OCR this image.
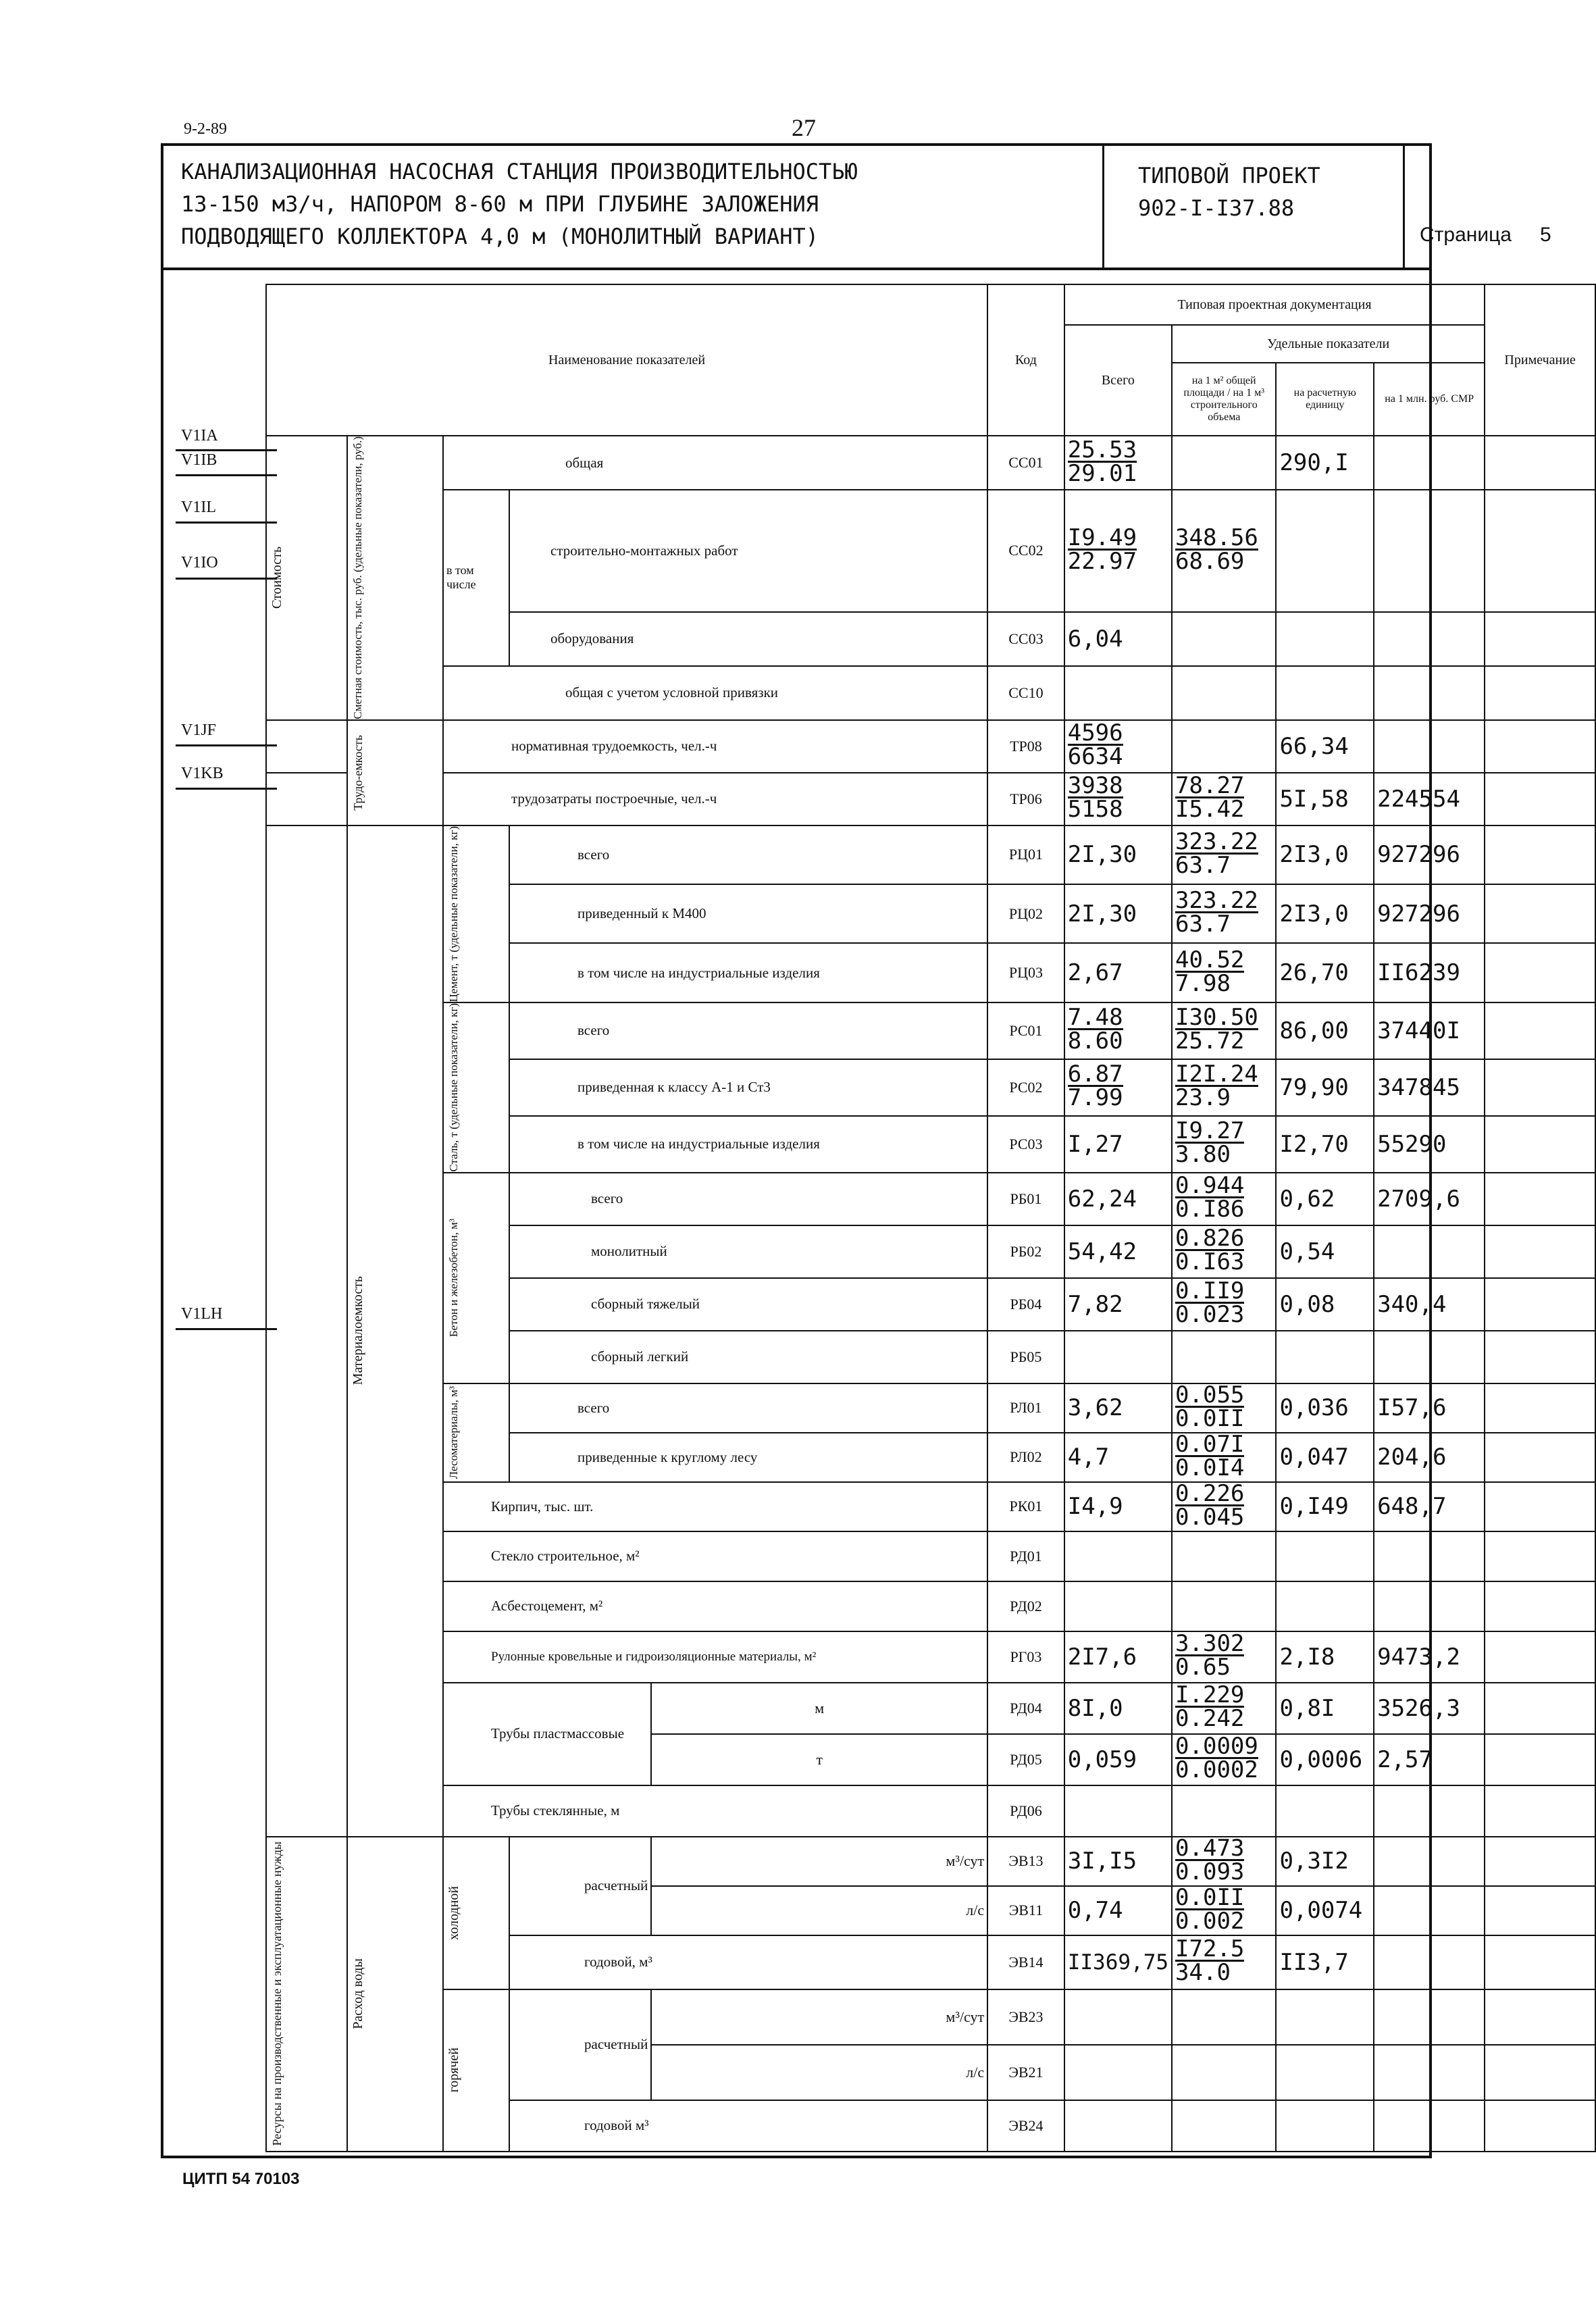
9-2-89	27
КАНАЛИЗАЦИОННАЯ НАСОСНАЯ СТАНЦИЯ ПРОИЗВОДИТЕЛЬНОСТЬЮ
13-150 м3/ч, НАПОРОМ 8-60 м ПРИ ГЛУБИНЕ ЗАЛОЖЕНИЯ
ПОДВОДЯЩЕГО КОЛЛЕКТОРА 4,0 м (МОНОЛИТНЫЙ ВАРИАНТ)
ТИПОВОЙ ПРОЕКТ
902-I-I37.88
Страница 5
V1IA
V1IB
V1IL
V1IO
V1JF
V1KB
V1LH
Наименование показателей					Код	Типовая проектная документация				Примечание
						Всего	Удельные показатели			
							на 1 м² общей площади / на 1 м³ строительного объема	на расчетную единицу	на 1 млн. руб. СМР	

Стоимость	Сметная стоимость, тыс. руб. (удельные показатели, руб.)	общая			СС01	$\frac{25.53}{29.01}$		290,I		
		в том числе	строительно-монтажных работ		СС02	$\frac{I9.49}{22.97}$	$\frac{348.56}{68.69}$			
			оборудования		СС03	6,04				
		общая с учетом условной привязки			СС10					

	Трудо-емкость	нормативная трудоемкость, чел.-ч			ТР08	$\frac{4596}{6634}$		66,34		
		трудозатраты построечные, чел.-ч			ТР06	$\frac{3938}{5158}$	$\frac{78.27}{I5.42}$	5I,58	224554	

	Материалоемкость	Цемент, т (удельные показатели, кг)	всего		РЦ01	2I,30	$\frac{323.22}{63.7}$	2I3,0	927296	
			приведенный к М400		РЦ02	2I,30	$\frac{323.22}{63.7}$	2I3,0	927296	
			в том числе на индустриальные изделия		РЦ03	2,67	$\frac{40.52}{7.98}$	26,70	II6239	

		Сталь, т (удельные показатели, кг)	всего		РС01	$\frac{7.48}{8.60}$	$\frac{I30.50}{25.72}$	86,00	37440I	
			приведенная к классу А-1 и Ст3		РС02	$\frac{6.87}{7.99}$	$\frac{I2I.24}{23.9}$	79,90	347845	
			в том числе на индустриальные изделия		РС03	I,27	$\frac{I9.27}{3.80}$	I2,70	55290	

		Бетон и железобетон, м³	всего		РБ01	62,24	$\frac{0.944}{0.I86}$	0,62	2709,6	
			монолитный		РБ02	54,42	$\frac{0.826}{0.I63}$	0,54		
			сборный тяжелый		РБ04	7,82	$\frac{0.II9}{0.023}$	0,08	340,4	
			сборный легкий		РБ05					

		Лесоматериалы, м³	всего		РЛ01	3,62	$\frac{0.055}{0.0II}$	0,036	I57,6	
			приведенные к круглому лесу		РЛ02	4,7	$\frac{0.07I}{0.0I4}$	0,047	204,6	
		Кирпич, тыс. шт.			РК01	I4,9	$\frac{0.226}{0.045}$	0,I49	648,7	
		Стекло строительное, м²			РД01					
		Асбестоцемент, м²			РД02					
		Рулонные кровельные и гидроизоляционные материалы, м²			РГ03	2I7,6	$\frac{3.302}{0.65}$	2,I8	9473,2	
		Трубы пластмассовые		м	РД04	8I,0	$\frac{I.229}{0.242}$	0,8I	3526,3	
				т	РД05	0,059	$\frac{0.0009}{0.0002}$	0,0006	2,57	
		Трубы стеклянные, м			РД06					

Ресурсы на производственные и эксплуатационные нужды	Расход воды	холодной	расчетный	м³/сут	ЭВ13	3I,I5	$\frac{0.473}{0.093}$	0,3I2		
				л/с	ЭВ11	0,74	$\frac{0.0II}{0.002}$	0,0074		
			годовой, м³		ЭВ14	II369,75	$\frac{I72.5}{34.0}$	II3,7		

		горячей	расчетный	м³/сут	ЭВ23					
				л/с	ЭВ21					
			годовой м³		ЭВ24					
ЦИТП 54 70103
